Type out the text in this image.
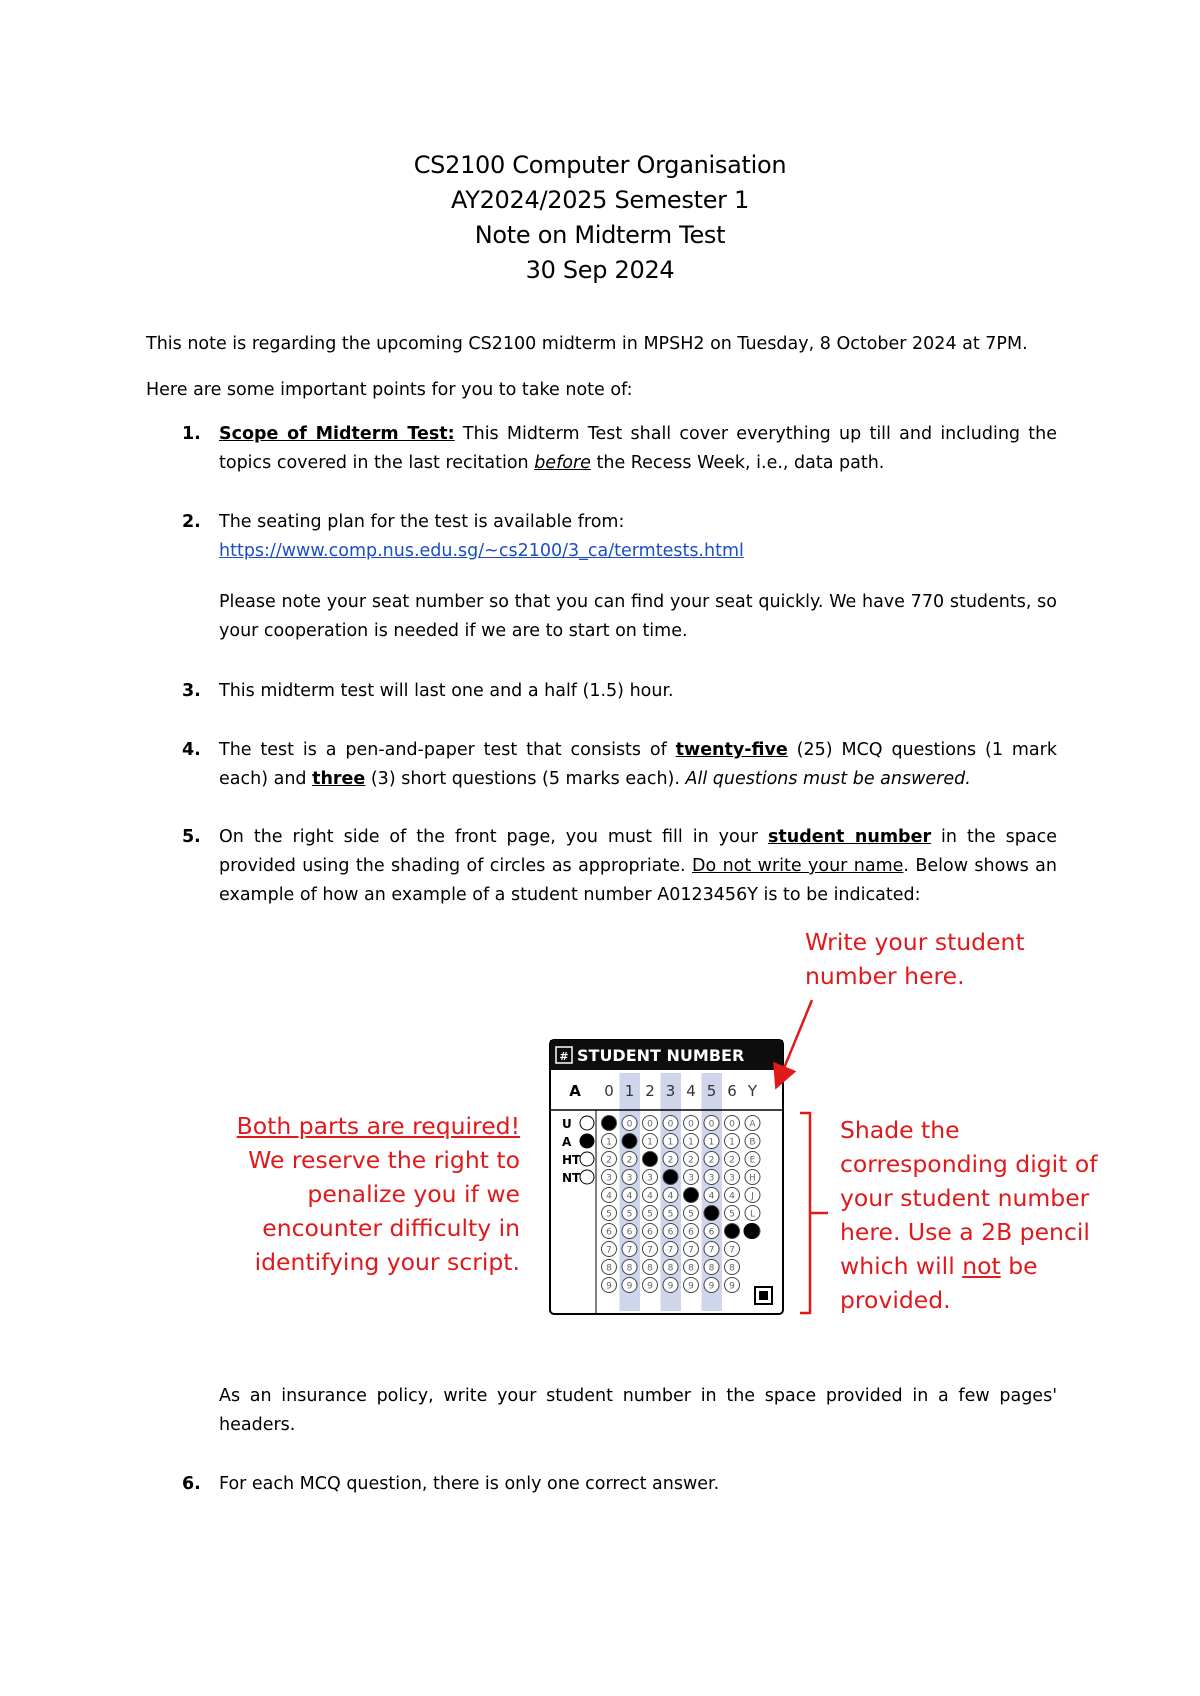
CS2100 Computer Organisation
AY2024/2025 Semester 1
Note on Midterm Test
30 Sep 2024
This note is regarding the upcoming CS2100 midterm in MPSH2 on Tuesday, 8 October 2024 at 7PM.
Here are some important points for you to take note of:
1. Scope of Midterm Test: This Midterm Test shall cover everything up till and including the topics covered in the last recitation before the Recess Week, i.e., data path.
2. The seating plan for the test is available from:
https://www.comp.nus.edu.sg/~cs2100/3_ca/termtests.html
Please note your seat number so that you can find your seat quickly. We have 770 students, so your cooperation is needed if we are to start on time.
3. This midterm test will last one and a half (1.5) hour.
4. The test is a pen-and-paper test that consists of twenty-five (25) MCQ questions (1 mark each) and three (3) short questions (5 marks each). All questions must be answered.
5. On the right side of the front page, you must fill in your student number in the space provided using the shading of circles as appropriate. Do not write your name. Below shows an example of how an example of a student number A0123456Y is to be indicated:
# STUDENT NUMBER
A 0 1 2 3 4 5 6 Y
U
A
HT
NT
1
2
3
4
5
6
7
8
9
0
2
3
4
5
6
7
8
9
0
1
3
4
5
6
7
8
9
0
1
2
4
5
6
7
8
9
0
1
2
3
5
6
7
8
9
0
1
2
3
4
6
7
8
9
0
1
2
3
4
5
7
8
9
A
B
E
H
J
L
Write your student
number here.
Both parts are required!
We reserve the right to
penalize you if we
encounter difficulty in
identifying your script.
Shade the
corresponding digit of
your student number
here. Use a 2B pencil
which will not be
provided.
As an insurance policy, write your student number in the space provided in a few pages' headers.
6. For each MCQ question, there is only one correct answer.
